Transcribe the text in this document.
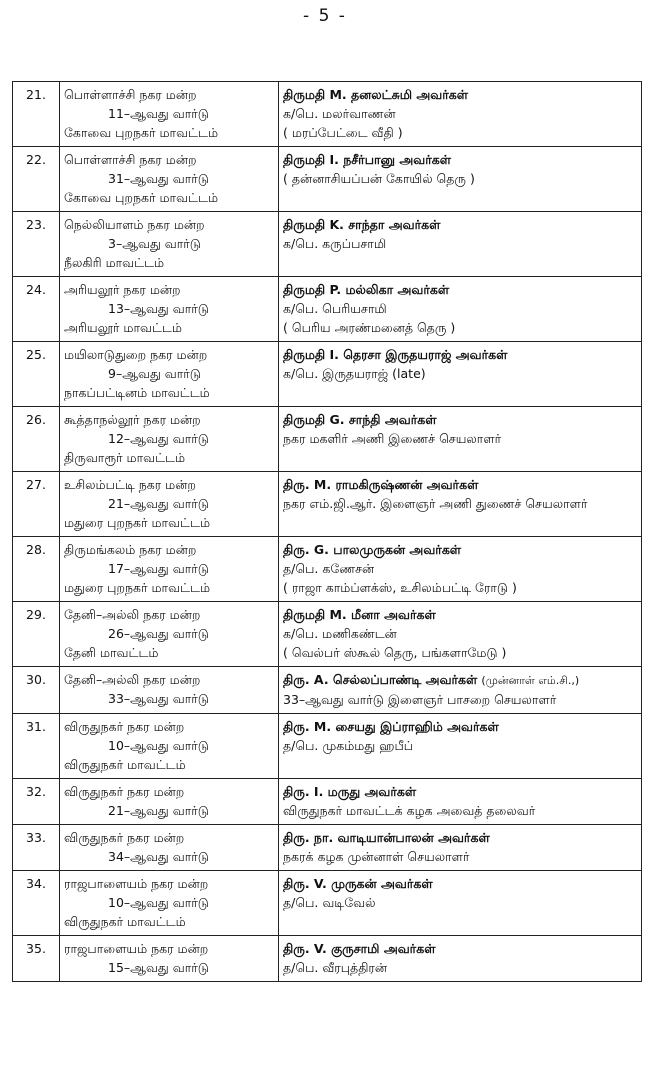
- 5 -
21.	பொள்ளாச்சி நகர மன்ற
11–ஆவது வார்டு
கோவை புறநகர் மாவட்டம்	திருமதி M. தனலட்சுமி அவர்கள்
க/பெ. மலர்வாணன்
( மரப்பேட்டை வீதி )

22.	பொள்ளாச்சி நகர மன்ற
31–ஆவது வார்டு
கோவை புறநகர் மாவட்டம்	திருமதி I. நசீர்பானு அவர்கள்
( தன்னாசியப்பன் கோயில் தெரு )

23.	நெல்லியாளம் நகர மன்ற
3–ஆவது வார்டு
நீலகிரி மாவட்டம்	திருமதி K. சாந்தா அவர்கள்
க/பெ. கருப்பசாமி

24.	அரியலூர் நகர மன்ற
13–ஆவது வார்டு
அரியலூர் மாவட்டம்	திருமதி P. மல்லிகா அவர்கள்
க/பெ. பெரியசாமி
( பெரிய அரண்மனைத் தெரு )

25.	மயிலாடுதுறை நகர மன்ற
9–ஆவது வார்டு
நாகப்பட்டினம் மாவட்டம்	திருமதி I. தெரசா இருதயராஜ் அவர்கள்
க/பெ. இருதயராஜ் (late)

26.	கூத்தாநல்லூர் நகர மன்ற
12–ஆவது வார்டு
திருவாரூர் மாவட்டம்	திருமதி G. சாந்தி அவர்கள்
நகர மகளிர் அணி இணைச் செயலாளர்

27.	உசிலம்பட்டி நகர மன்ற
21–ஆவது வார்டு
மதுரை புறநகர் மாவட்டம்	திரு. M. ராமகிருஷ்ணன் அவர்கள்
நகர எம்.ஜி.ஆர். இளைஞர் அணி துணைச் செயலாளர்

28.	திருமங்கலம் நகர மன்ற
17–ஆவது வார்டு
மதுரை புறநகர் மாவட்டம்	திரு. G. பாலமுருகன் அவர்கள்
த/பெ. கணேசன்
( ராஜா காம்ப்ளக்ஸ், உசிலம்பட்டி ரோடு )

29.	தேனி–அல்லி நகர மன்ற
26–ஆவது வார்டு
தேனி மாவட்டம்	திருமதி M. மீனா அவர்கள்
க/பெ. மணிகண்டன்
( வெல்பர் ஸ்கூல் தெரு, பங்களாமேடு )

30.	தேனி–அல்லி நகர மன்ற
33–ஆவது வார்டு	திரு. A. செல்லப்பாண்டி அவர்கள் (முன்னாள் எம்.சி.,)
33–ஆவது வார்டு இளைஞர் பாசறை செயலாளர்

31.	விருதுநகர் நகர மன்ற
10–ஆவது வார்டு
விருதுநகர் மாவட்டம்	திரு. M. சையது இப்ராஹிம் அவர்கள்
த/பெ. முகம்மது ஹபீப்

32.	விருதுநகர் நகர மன்ற
21–ஆவது வார்டு	திரு. I. மருது அவர்கள்
விருதுநகர் மாவட்டக் கழக அவைத் தலைவர்

33.	விருதுநகர் நகர மன்ற
34–ஆவது வார்டு	திரு. நா. வாடியான்பாலன் அவர்கள்
நகரக் கழக முன்னாள் செயலாளர்

34.	ராஜபாளையம் நகர மன்ற
10–ஆவது வார்டு
விருதுநகர் மாவட்டம்	திரு. V. முருகன் அவர்கள்
த/பெ. வடிவேல்

35.	ராஜபாளையம் நகர மன்ற
15–ஆவது வார்டு	திரு. V. குருசாமி அவர்கள்
த/பெ. வீரபுத்திரன்
